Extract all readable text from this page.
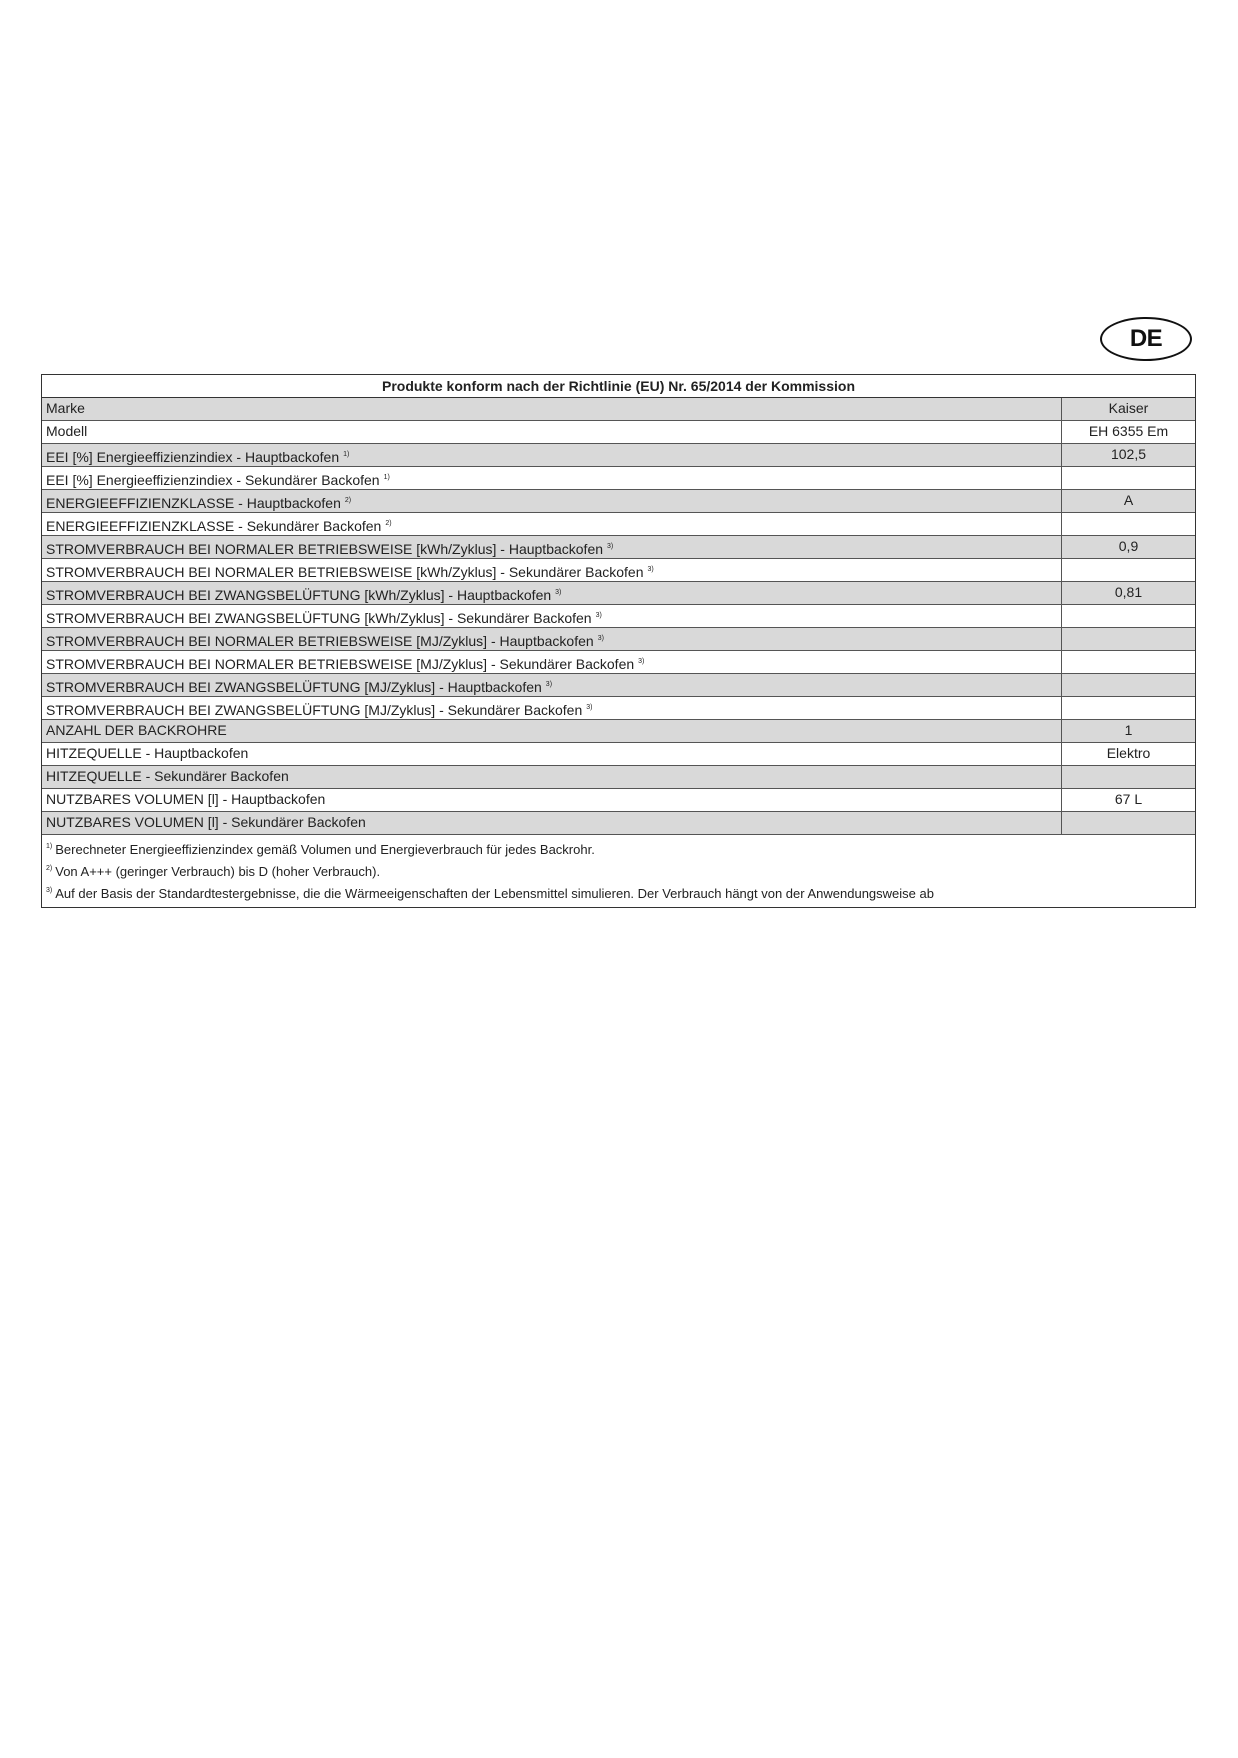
DE
Produkte konform nach der Richtlinie (EU) Nr. 65/2014 der Kommission
Marke	Kaiser
Modell	EH 6355 Em
EEI [%] Energieeffizienzindiex - Hauptbackofen $^{1)}$	102,5
EEI [%] Energieeffizienzindiex - Sekundärer Backofen $^{1)}$
ENERGIEEFFIZIENZKLASSE - Hauptbackofen $^{2)}$	A
ENERGIEEFFIZIENZKLASSE - Sekundärer Backofen $^{2)}$
STROMVERBRAUCH BEI NORMALER BETRIEBSWEISE [kWh/Zyklus] - Hauptbackofen $^{3)}$	0,9
STROMVERBRAUCH BEI NORMALER BETRIEBSWEISE [kWh/Zyklus] - Sekundärer Backofen $^{3)}$
STROMVERBRAUCH BEI ZWANGSBELÜFTUNG [kWh/Zyklus] - Hauptbackofen $^{3)}$	0,81
STROMVERBRAUCH BEI ZWANGSBELÜFTUNG [kWh/Zyklus] - Sekundärer Backofen $^{3)}$
STROMVERBRAUCH BEI NORMALER BETRIEBSWEISE [MJ/Zyklus] - Hauptbackofen $^{3)}$
STROMVERBRAUCH BEI NORMALER BETRIEBSWEISE [MJ/Zyklus] - Sekundärer Backofen $^{3)}$
STROMVERBRAUCH BEI ZWANGSBELÜFTUNG [MJ/Zyklus] - Hauptbackofen $^{3)}$
STROMVERBRAUCH BEI ZWANGSBELÜFTUNG [MJ/Zyklus] - Sekundärer Backofen $^{3)}$
ANZAHL DER BACKROHRE	1
HITZEQUELLE - Hauptbackofen	Elektro
HITZEQUELLE - Sekundärer Backofen
NUTZBARES VOLUMEN [l] - Hauptbackofen	67 L
NUTZBARES VOLUMEN [l] - Sekundärer Backofen
$^{1)}$ Berechneter Energieeffizienzindex gemäß Volumen und Energieverbrauch für jedes Backrohr.
$^{2)}$ Von A+++ (geringer Verbrauch) bis D (hoher Verbrauch).
$^{3)}$ Auf der Basis der Standardtestergebnisse, die die Wärmeeigenschaften der Lebensmittel simulieren. Der Verbrauch hängt von der Anwendungsweise ab
